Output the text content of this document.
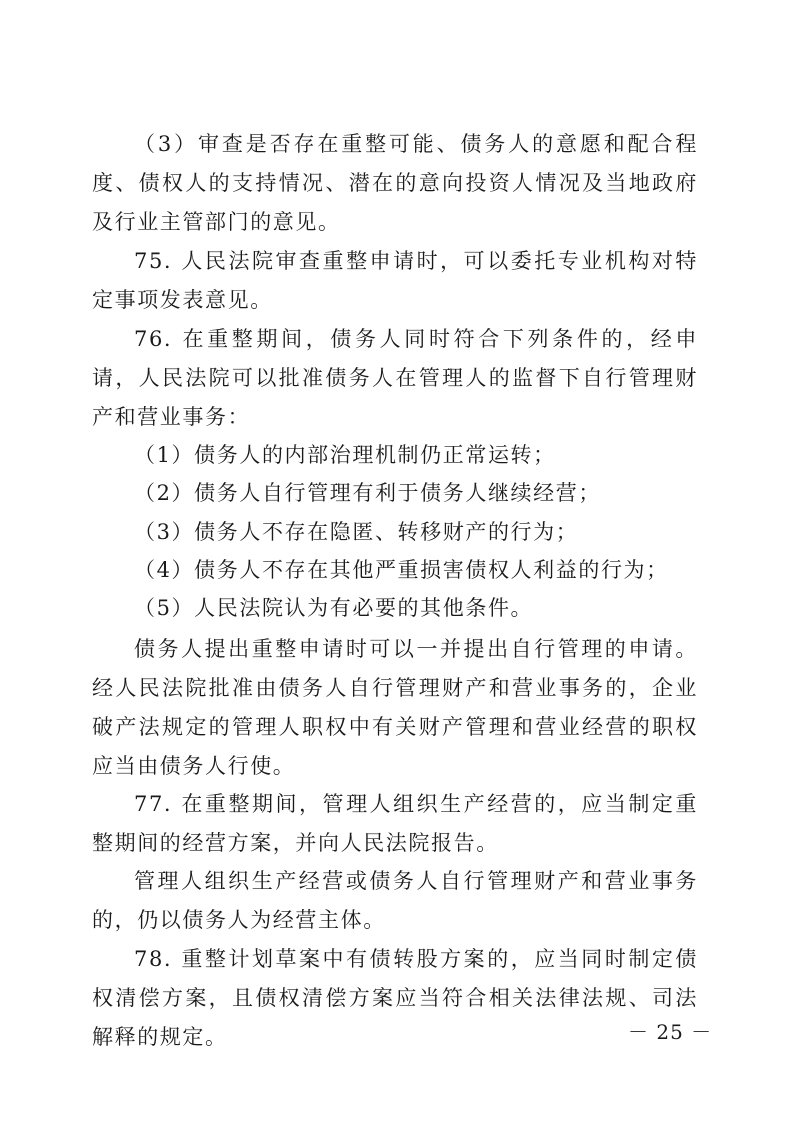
（3）审查是否存在重整可能、债务人的意愿和配合程度、债权人的支持情况、潜在的意向投资人情况及当地政府及行业主管部门的意见。

75. 人民法院审查重整申请时，可以委托专业机构对特定事项发表意见。

76. 在重整期间，债务人同时符合下列条件的，经申请，人民法院可以批准债务人在管理人的监督下自行管理财产和营业事务：

（1）债务人的内部治理机制仍正常运转；

（2）债务人自行管理有利于债务人继续经营；

（3）债务人不存在隐匿、转移财产的行为；

（4）债务人不存在其他严重损害债权人利益的行为；

（5）人民法院认为有必要的其他条件。

债务人提出重整申请时可以一并提出自行管理的申请。经人民法院批准由债务人自行管理财产和营业事务的，企业破产法规定的管理人职权中有关财产管理和营业经营的职权应当由债务人行使。

77. 在重整期间，管理人组织生产经营的，应当制定重整期间的经营方案，并向人民法院报告。

管理人组织生产经营或债务人自行管理财产和营业事务的，仍以债务人为经营主体。

78. 重整计划草案中有债转股方案的，应当同时制定债权清偿方案，且债权清偿方案应当符合相关法律法规、司法解释的规定。	－ 25 －
